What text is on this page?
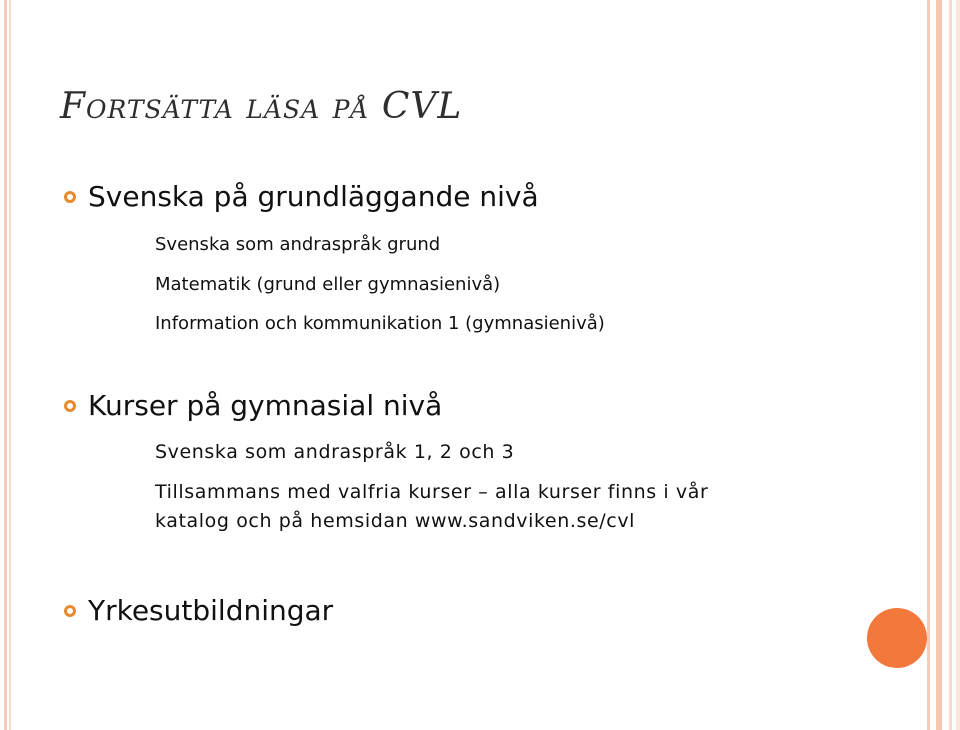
Fortsätta läsa på CVL
Svenska på grundläggande nivå
Svenska som andraspråk grund
Matematik (grund eller gymnasienivå)
Information och kommunikation 1 (gymnasienivå)
Kurser på gymnasial nivå
Svenska som andraspråk 1, 2 och 3
Tillsammans med valfria kurser – alla kurser finns i vår
katalog och på hemsidan www.sandviken.se/cvl
Yrkesutbildningar
